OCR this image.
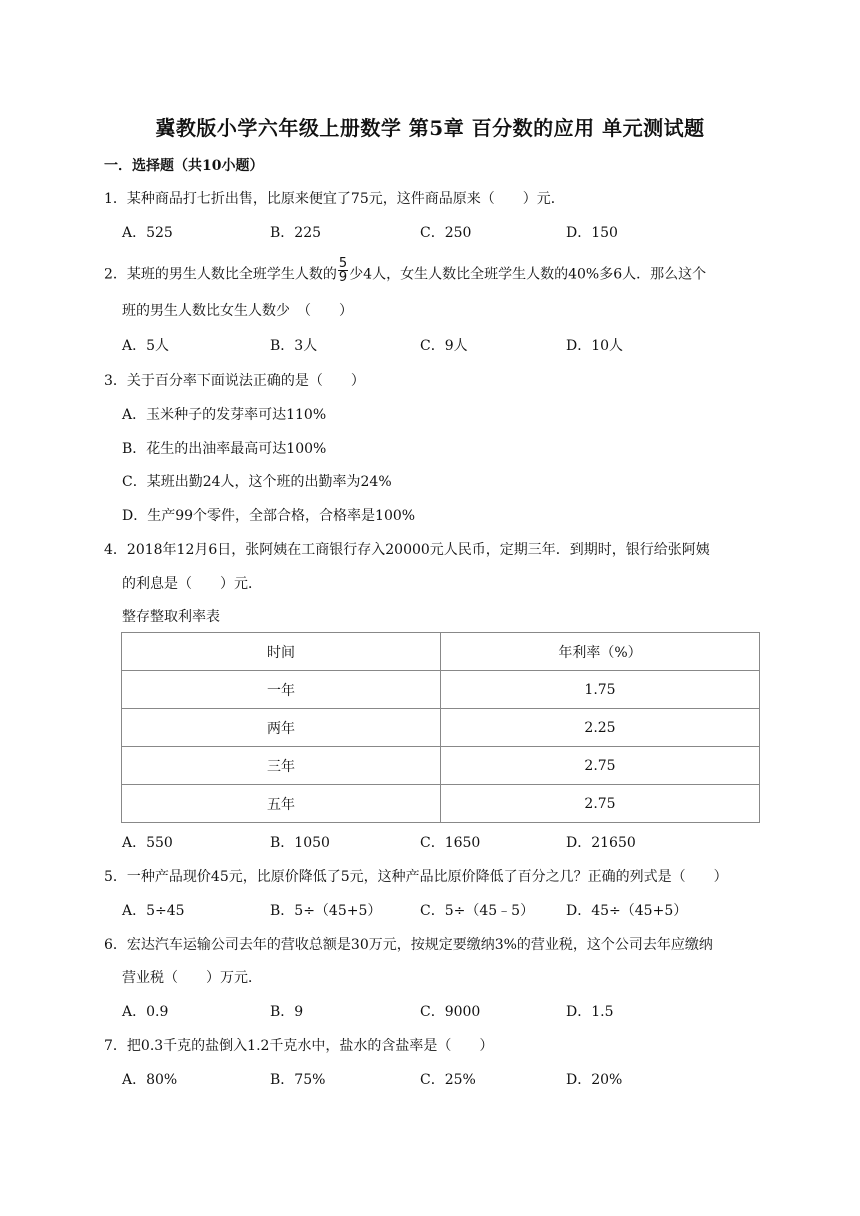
冀教版小学六年级上册数学 第5章 百分数的应用 单元测试题
一．选择题（共10小题）
1．某种商品打七折出售，比原来便宜了75元，这件商品原来（　　）元．
A．525	B．225	C．250	D．150
2．某班的男生人数比全班学生人数的 $\frac{5}{9}$ 少4人，女生人数比全班学生人数的40%多6人．那么这个
班的男生人数比女生人数少　（　　）
A．5人	B．3人	C．9人	D．10人
3．关于百分率下面说法正确的是（　　）
A．玉米种子的发芽率可达110%
B．花生的出油率最高可达100%
C．某班出勤24人，这个班的出勤率为24%
D．生产99个零件，全部合格，合格率是100%
4．2018年12月6日，张阿姨在工商银行存入20000元人民币，定期三年．到期时，银行给张阿姨
的利息是（　　）元．
整存整取利率表
时间	年利率（%）
一年	1.75
两年	2.25
三年	2.75
五年	2.75
A．550	B．1050	C．1650	D．21650
5．一种产品现价45元，比原价降低了5元，这种产品比原价降低了百分之几？正确的列式是（　　）
A．5÷45	B．5÷（45+5）	C．5÷（45﹣5） D．45÷（45+5）
6．宏达汽车运输公司去年的营收总额是30万元，按规定要缴纳3%的营业税，这个公司去年应缴纳
营业税（　　）万元．
A．0.9	B．9	C．9000	D．1.5
7．把0.3千克的盐倒入1.2千克水中，盐水的含盐率是（　　）
A．80%	B．75%	C．25%	D．20%
